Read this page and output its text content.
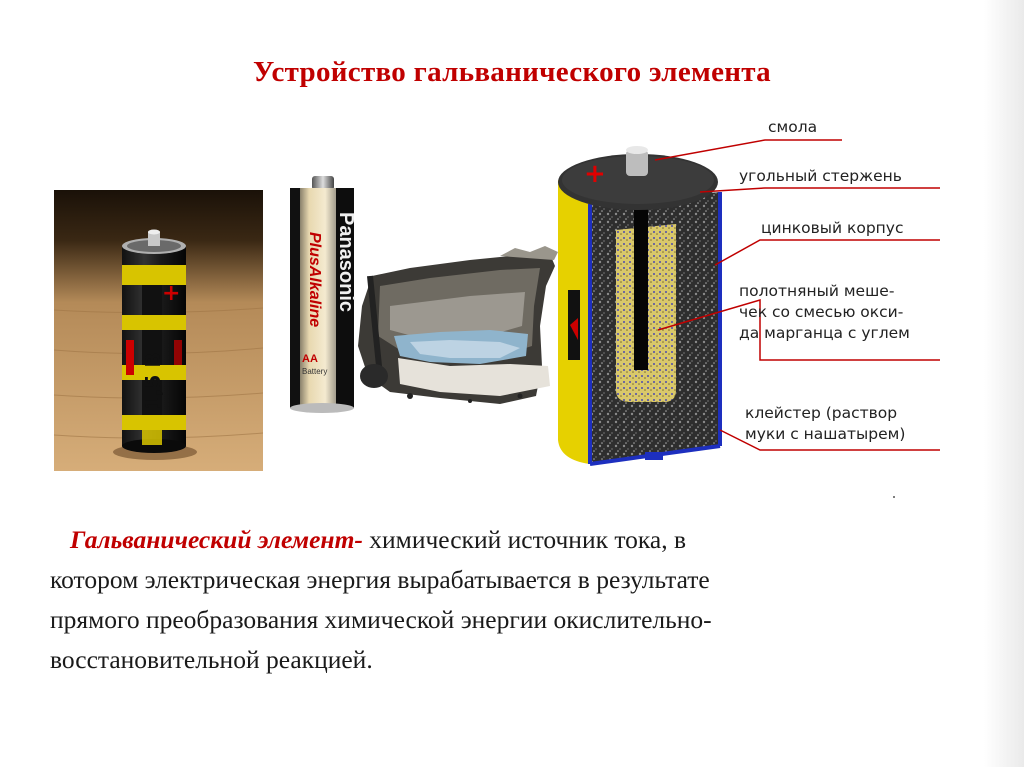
Устройство гальванического элемента
+
1,5 В
Panasonic
PlusAlkaline
AA
Battery
+
смола
угольный стержень
цинковый корпус
полотняный меше-
чек со смесью окси-
да марганца с углем
клейстер (раствор
муки с нашатырем)
Гальванический элемент- химический источник тока, в
котором электрическая энергия вырабатывается в результате
прямого преобразования химической энергии окислительно-
восстановительной реакцией.
